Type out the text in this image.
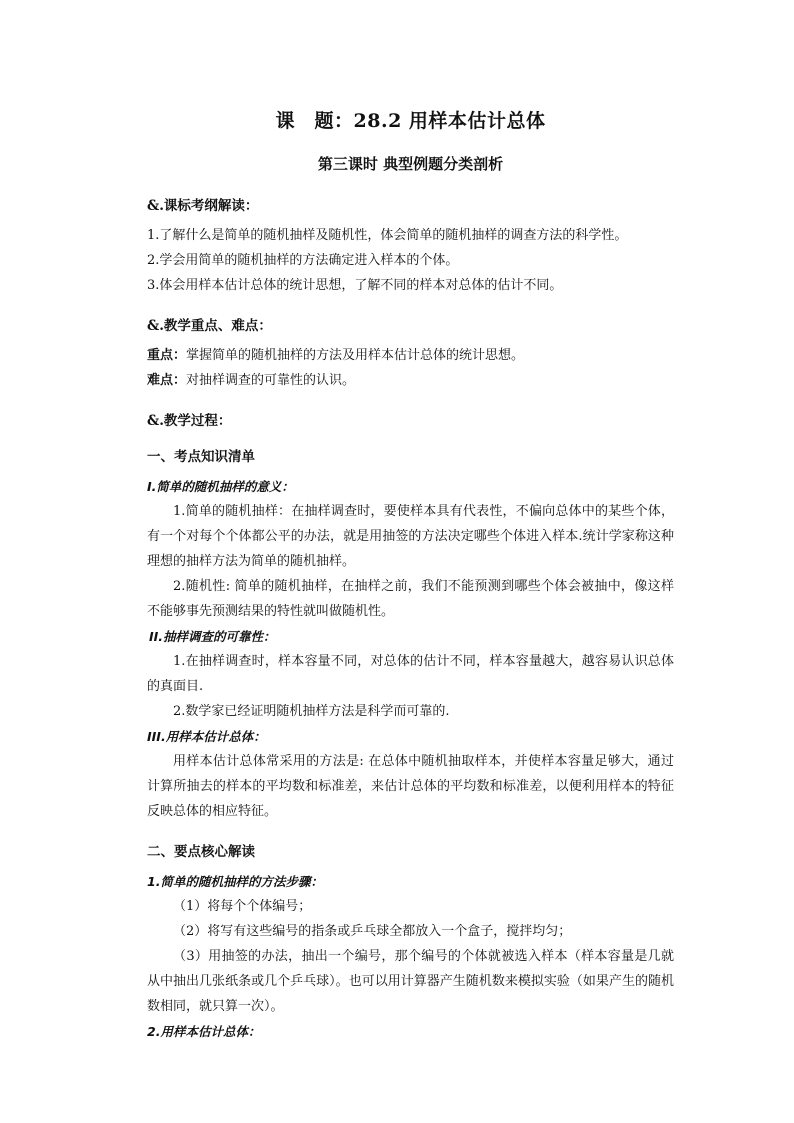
课　题：28.2 用样本估计总体

第三课时 典型例题分类剖析

&.课标考纲解读：

1.了解什么是简单的随机抽样及随机性，体会简单的随机抽样的调查方法的科学性。

2.学会用简单的随机抽样的方法确定进入样本的个体。

3.体会用样本估计总体的统计思想，了解不同的样本对总体的估计不同。

&.教学重点、难点：

重点：掌握简单的随机抽样的方法及用样本估计总体的统计思想。

难点：对抽样调查的可靠性的认识。

&.教学过程：

一、考点知识清单

I.简单的随机抽样的意义：

1.简单的随机抽样：在抽样调查时，要使样本具有代表性，不偏向总体中的某些个体，有一个对每个个体都公平的办法，就是用抽签的方法决定哪些个体进入样本.统计学家称这种理想的抽样方法为简单的随机抽样。

2.随机性: 简单的随机抽样，在抽样之前，我们不能预测到哪些个体会被抽中，像这样不能够事先预测结果的特性就叫做随机性。

II.抽样调查的可靠性：

1.在抽样调查时，样本容量不同，对总体的估计不同，样本容量越大，越容易认识总体的真面目.

2.数学家已经证明随机抽样方法是科学而可靠的.

III.用样本估计总体：

用样本估计总体常采用的方法是: 在总体中随机抽取样本，并使样本容量足够大，通过计算所抽去的样本的平均数和标准差，来估计总体的平均数和标准差，以便利用样本的特征反映总体的相应特征。

二、要点核心解读

1.简单的随机抽样的方法步骤：

（1）将每个个体编号；

（2）将写有这些编号的指条或乒乓球全都放入一个盒子，搅拌均匀；

（3）用抽签的办法，抽出一个编号，那个编号的个体就被选入样本（样本容量是几就从中抽出几张纸条或几个乒乓球）。也可以用计算器产生随机数来模拟实验（如果产生的随机数相同，就只算一次）。

2.用样本估计总体：
